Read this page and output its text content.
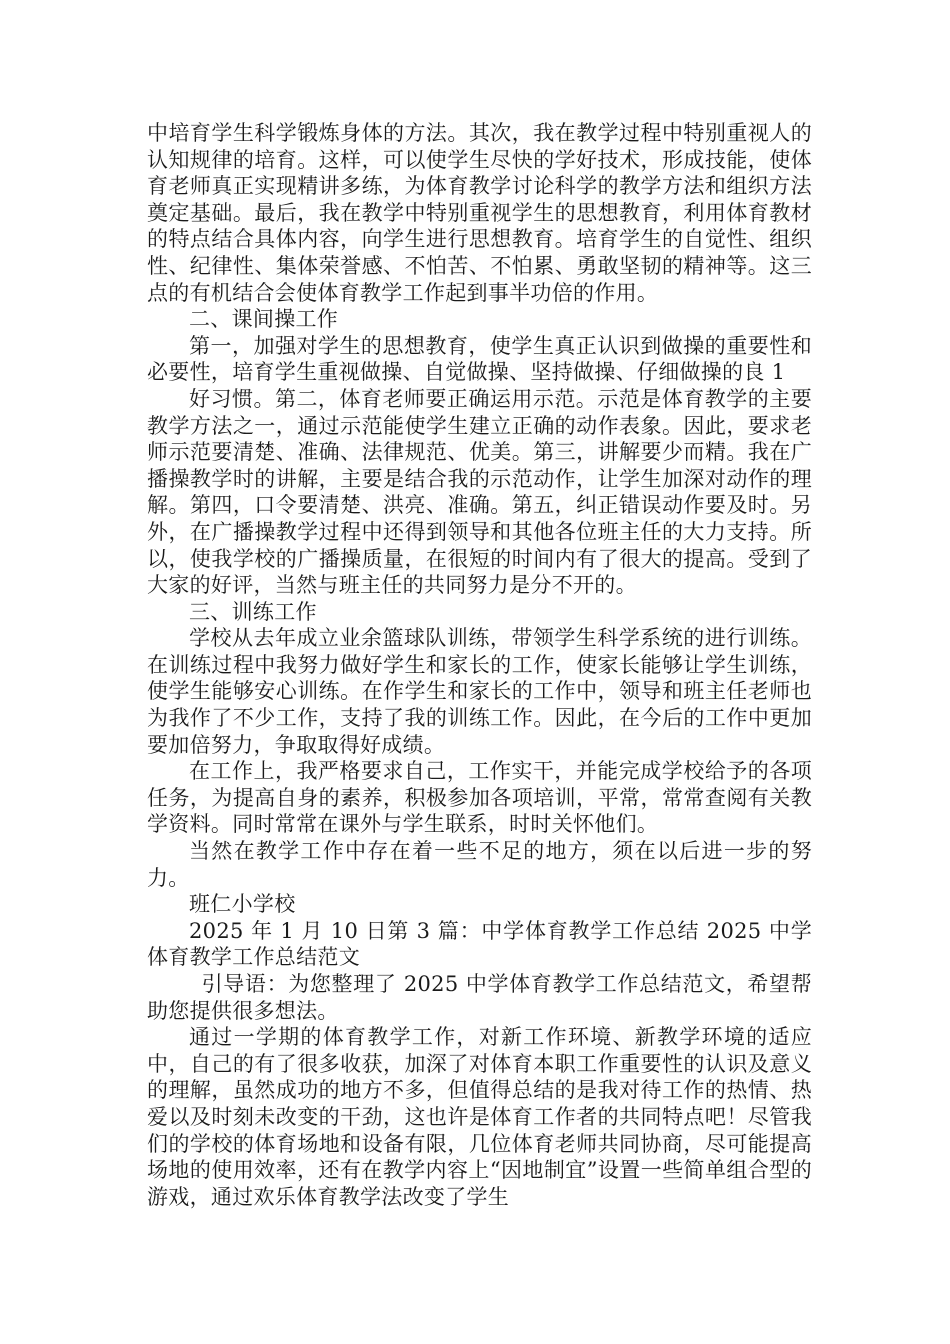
中培育学生科学锻炼身体的方法。其次，我在教学过程中特别重视人的认知规律的培育。这样，可以使学生尽快的学好技术，形成技能，使体育老师真正实现精讲多练，为体育教学讨论科学的教学方法和组织方法奠定基础。最后，我在教学中特别重视学生的思想教育，利用体育教材的特点结合具体内容，向学生进行思想教育。培育学生的自觉性、组织性、纪律性、集体荣誉感、不怕苦、不怕累、勇敢坚韧的精神等。这三点的有机结合会使体育教学工作起到事半功倍的作用。

二、课间操工作

第一，加强对学生的思想教育，使学生真正认识到做操的重要性和必要性，培育学生重视做操、自觉做操、坚持做操、仔细做操的良 1

好习惯。第二，体育老师要正确运用示范。示范是体育教学的主要教学方法之一，通过示范能使学生建立正确的动作表象。因此，要求老师示范要清楚、准确、法律规范、优美。第三，讲解要少而精。我在广播操教学时的讲解，主要是结合我的示范动作，让学生加深对动作的理解。第四，口令要清楚、洪亮、准确。第五，纠正错误动作要及时。另外，在广播操教学过程中还得到领导和其他各位班主任的大力支持。所以，使我学校的广播操质量，在很短的时间内有了很大的提高。受到了大家的好评，当然与班主任的共同努力是分不开的。

三、训练工作

学校从去年成立业余篮球队训练，带领学生科学系统的进行训练。在训练过程中我努力做好学生和家长的工作，使家长能够让学生训练，使学生能够安心训练。在作学生和家长的工作中，领导和班主任老师也为我作了不少工作，支持了我的训练工作。因此，在今后的工作中更加要加倍努力，争取取得好成绩。

在工作上，我严格要求自己，工作实干，并能完成学校给予的各项任务，为提高自身的素养，积极参加各项培训，平常，常常查阅有关教学资料。同时常常在课外与学生联系，时时关怀他们。

当然在教学工作中存在着一些不足的地方，须在以后进一步的努力。

班仁小学校

2025 年 1 月 10 日第 3 篇：中学体育教学工作总结 2025 中学体育教学工作总结范文

引导语：为您整理了 2025 中学体育教学工作总结范文，希望帮助您提供很多想法。

通过一学期的体育教学工作，对新工作环境、新教学环境的适应中，自己的有了很多收获，加深了对体育本职工作重要性的认识及意义的理解，虽然成功的地方不多，但值得总结的是我对待工作的热情、热爱以及时刻未改变的干劲，这也许是体育工作者的共同特点吧！尽管我们的学校的体育场地和设备有限，几位体育老师共同协商，尽可能提高场地的使用效率，还有在教学内容上“因地制宜”设置一些简单组合型的游戏，通过欢乐体育教学法改变了学生
